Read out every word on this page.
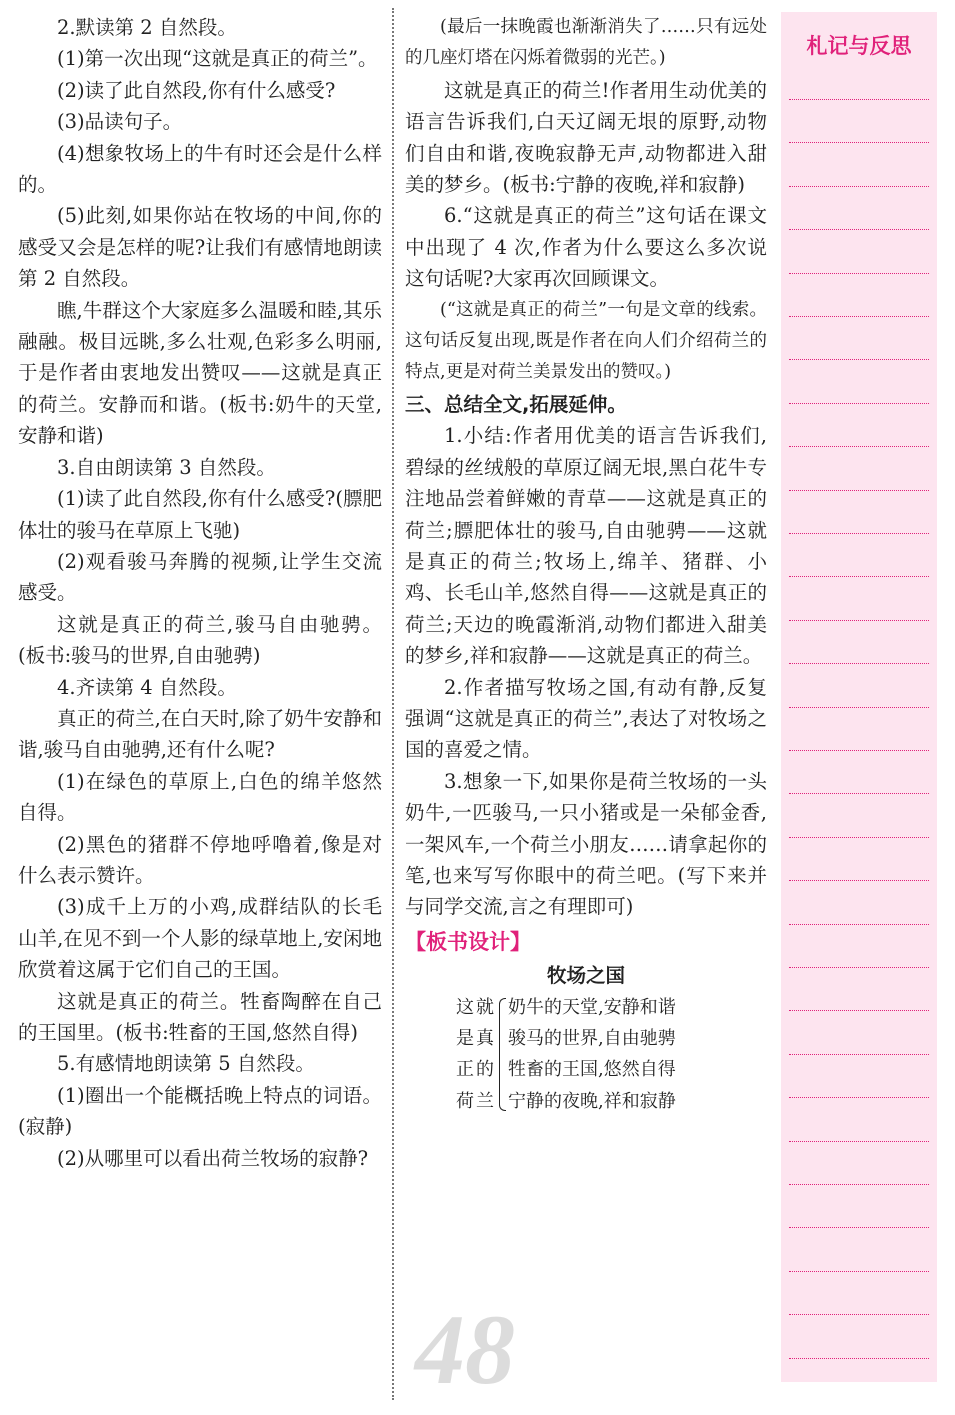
2.默读第 2 自然段。

(1)第一次出现“这就是真正的荷兰”。

(2)读了此自然段,你有什么感受?

(3)品读句子。

(4)想象牧场上的牛有时还会是什么样的。

(5)此刻,如果你站在牧场的中间,你的感受又会是怎样的呢?让我们有感情地朗读第 2 自然段。

瞧,牛群这个大家庭多么温暖和睦,其乐融融。极目远眺,多么壮观,色彩多么明丽,于是作者由衷地发出赞叹——这就是真正的荷兰。安静而和谐。(板书:奶牛的天堂,安静和谐)

3.自由朗读第 3 自然段。

(1)读了此自然段,你有什么感受?(膘肥体壮的骏马在草原上飞驰)

(2)观看骏马奔腾的视频,让学生交流感受。

这就是真正的荷兰,骏马自由驰骋。(板书:骏马的世界,自由驰骋)

4.齐读第 4 自然段。

真正的荷兰,在白天时,除了奶牛安静和谐,骏马自由驰骋,还有什么呢?

(1)在绿色的草原上,白色的绵羊悠然自得。

(2)黑色的猪群不停地呼噜着,像是对什么表示赞许。

(3)成千上万的小鸡,成群结队的长毛山羊,在见不到一个人影的绿草地上,安闲地欣赏着这属于它们自己的王国。

这就是真正的荷兰。牲畜陶醉在自己的王国里。(板书:牲畜的王国,悠然自得)

5.有感情地朗读第 5 自然段。

(1)圈出一个能概括晚上特点的词语。(寂静)

(2)从哪里可以看出荷兰牧场的寂静?

(最后一抹晚霞也渐渐消失了……只有远处的几座灯塔在闪烁着微弱的光芒。)

这就是真正的荷兰!作者用生动优美的语言告诉我们,白天辽阔无垠的原野,动物们自由和谐,夜晚寂静无声,动物都进入甜美的梦乡。(板书:宁静的夜晚,祥和寂静)

6.“这就是真正的荷兰”这句话在课文中出现了 4 次,作者为什么要这么多次说这句话呢?大家再次回顾课文。

(“这就是真正的荷兰”一句是文章的线索。这句话反复出现,既是作者在向人们介绍荷兰的特点,更是对荷兰美景发出的赞叹。)

三、总结全文,拓展延伸。

1.小结:作者用优美的语言告诉我们,碧绿的丝绒般的草原辽阔无垠,黑白花牛专注地品尝着鲜嫩的青草——这就是真正的荷兰;膘肥体壮的骏马,自由驰骋——这就是真正的荷兰;牧场上,绵羊、猪群、小鸡、长毛山羊,悠然自得——这就是真正的荷兰;天边的晚霞渐消,动物们都进入甜美的梦乡,祥和寂静——这就是真正的荷兰。

2.作者描写牧场之国,有动有静,反复强调“这就是真正的荷兰”,表达了对牧场之国的喜爱之情。

3.想象一下,如果你是荷兰牧场的一头奶牛,一匹骏马,一只小猪或是一朵郁金香,一架风车,一个荷兰小朋友……请拿起你的笔,也来写写你眼中的荷兰吧。(写下来并与同学交流,言之有理即可)

【板书设计】

牧场之国

这就
是真
正的
荷兰
奶牛的天堂,安静和谐
骏马的世界,自由驰骋
牲畜的王国,悠然自得
宁静的夜晚,祥和寂静
48
札记与反思
